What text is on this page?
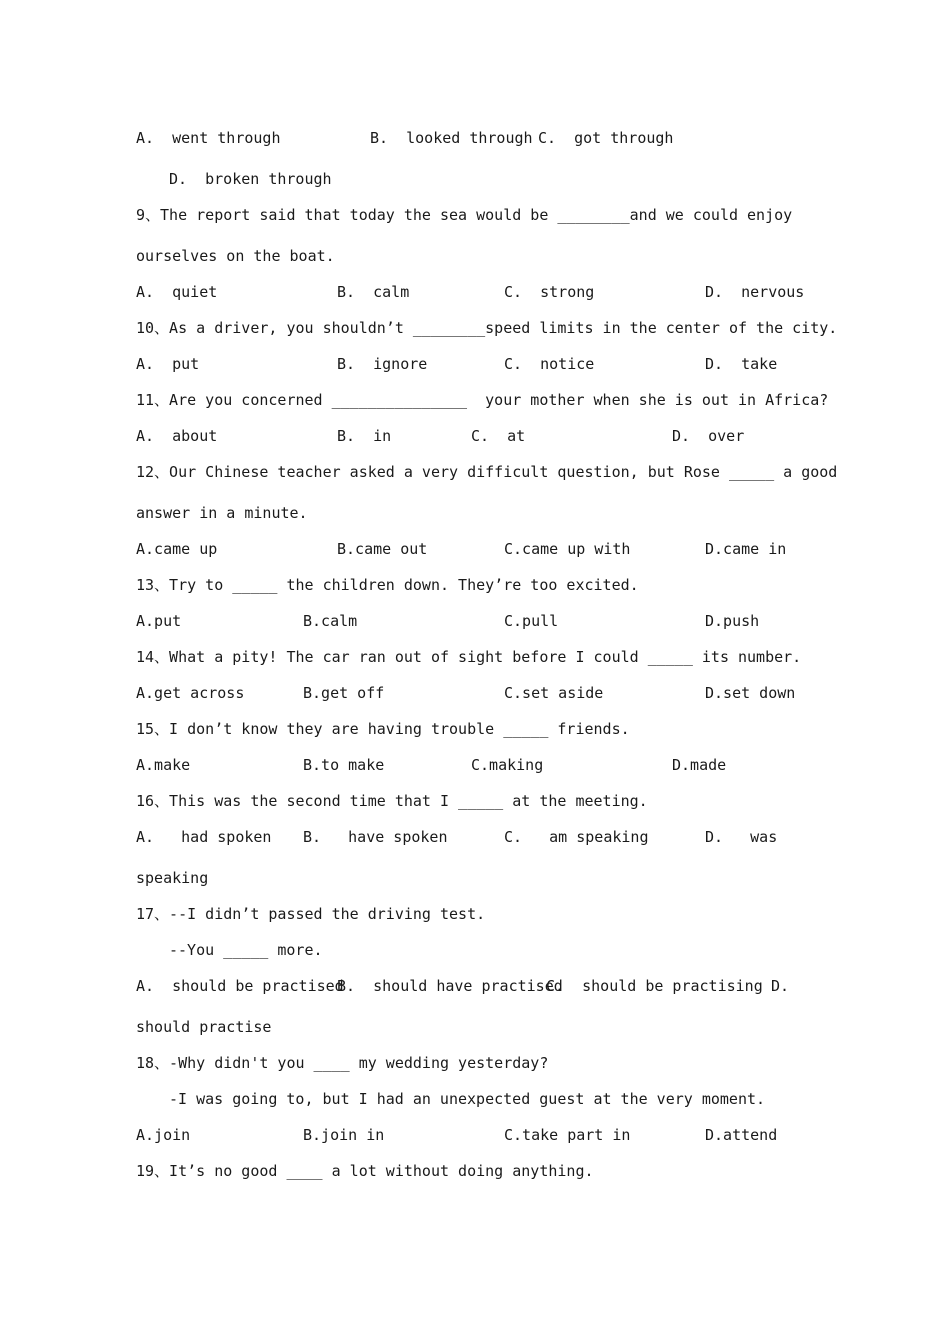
A.  went through	B.  looked through C.  got through
D.  broken through
9、The report said that today the sea would be ________and we could enjoy
ourselves on the boat.
A.  quiet	B.  calm	C.  strong	D.  nervous
10、As a driver, you shouldn’t ________speed limits in the center of the city.
A.  put	B.  ignore	C.  notice	D.  take
11、Are you concerned _______________  your mother when she is out in Africa?
A.  about	B.  in	C.  at	D.  over
12、Our Chinese teacher asked a very difficult question, but Rose _____ a good
answer in a minute.
A.came up	B.came out	C.came up with	D.came in
13、Try to _____ the children down. They’re too excited.
A.put	B.calm	C.pull	D.push
14、What a pity! The car ran out of sight before I could _____ its number.
A.get across	B.get off	C.set aside	D.set down
15、I don’t know they are having trouble _____ friends.
A.make	B.to make	C.making	D.made
16、This was the second time that I _____ at the meeting.
A.   had spoken B.   have spoken	C.   am speaking	D.   was
speaking
17、--I didn’t passed the driving test.
--You _____ more.
A.  should be practised
B.  should have practised
C.  should be practising D.
should practise
18、-Why didn't you ____ my wedding yesterday?
-I was going to, but I had an unexpected guest at the very moment.
A.join	B.join in	C.take part in	D.attend
19、It’s no good ____ a lot without doing anything.
